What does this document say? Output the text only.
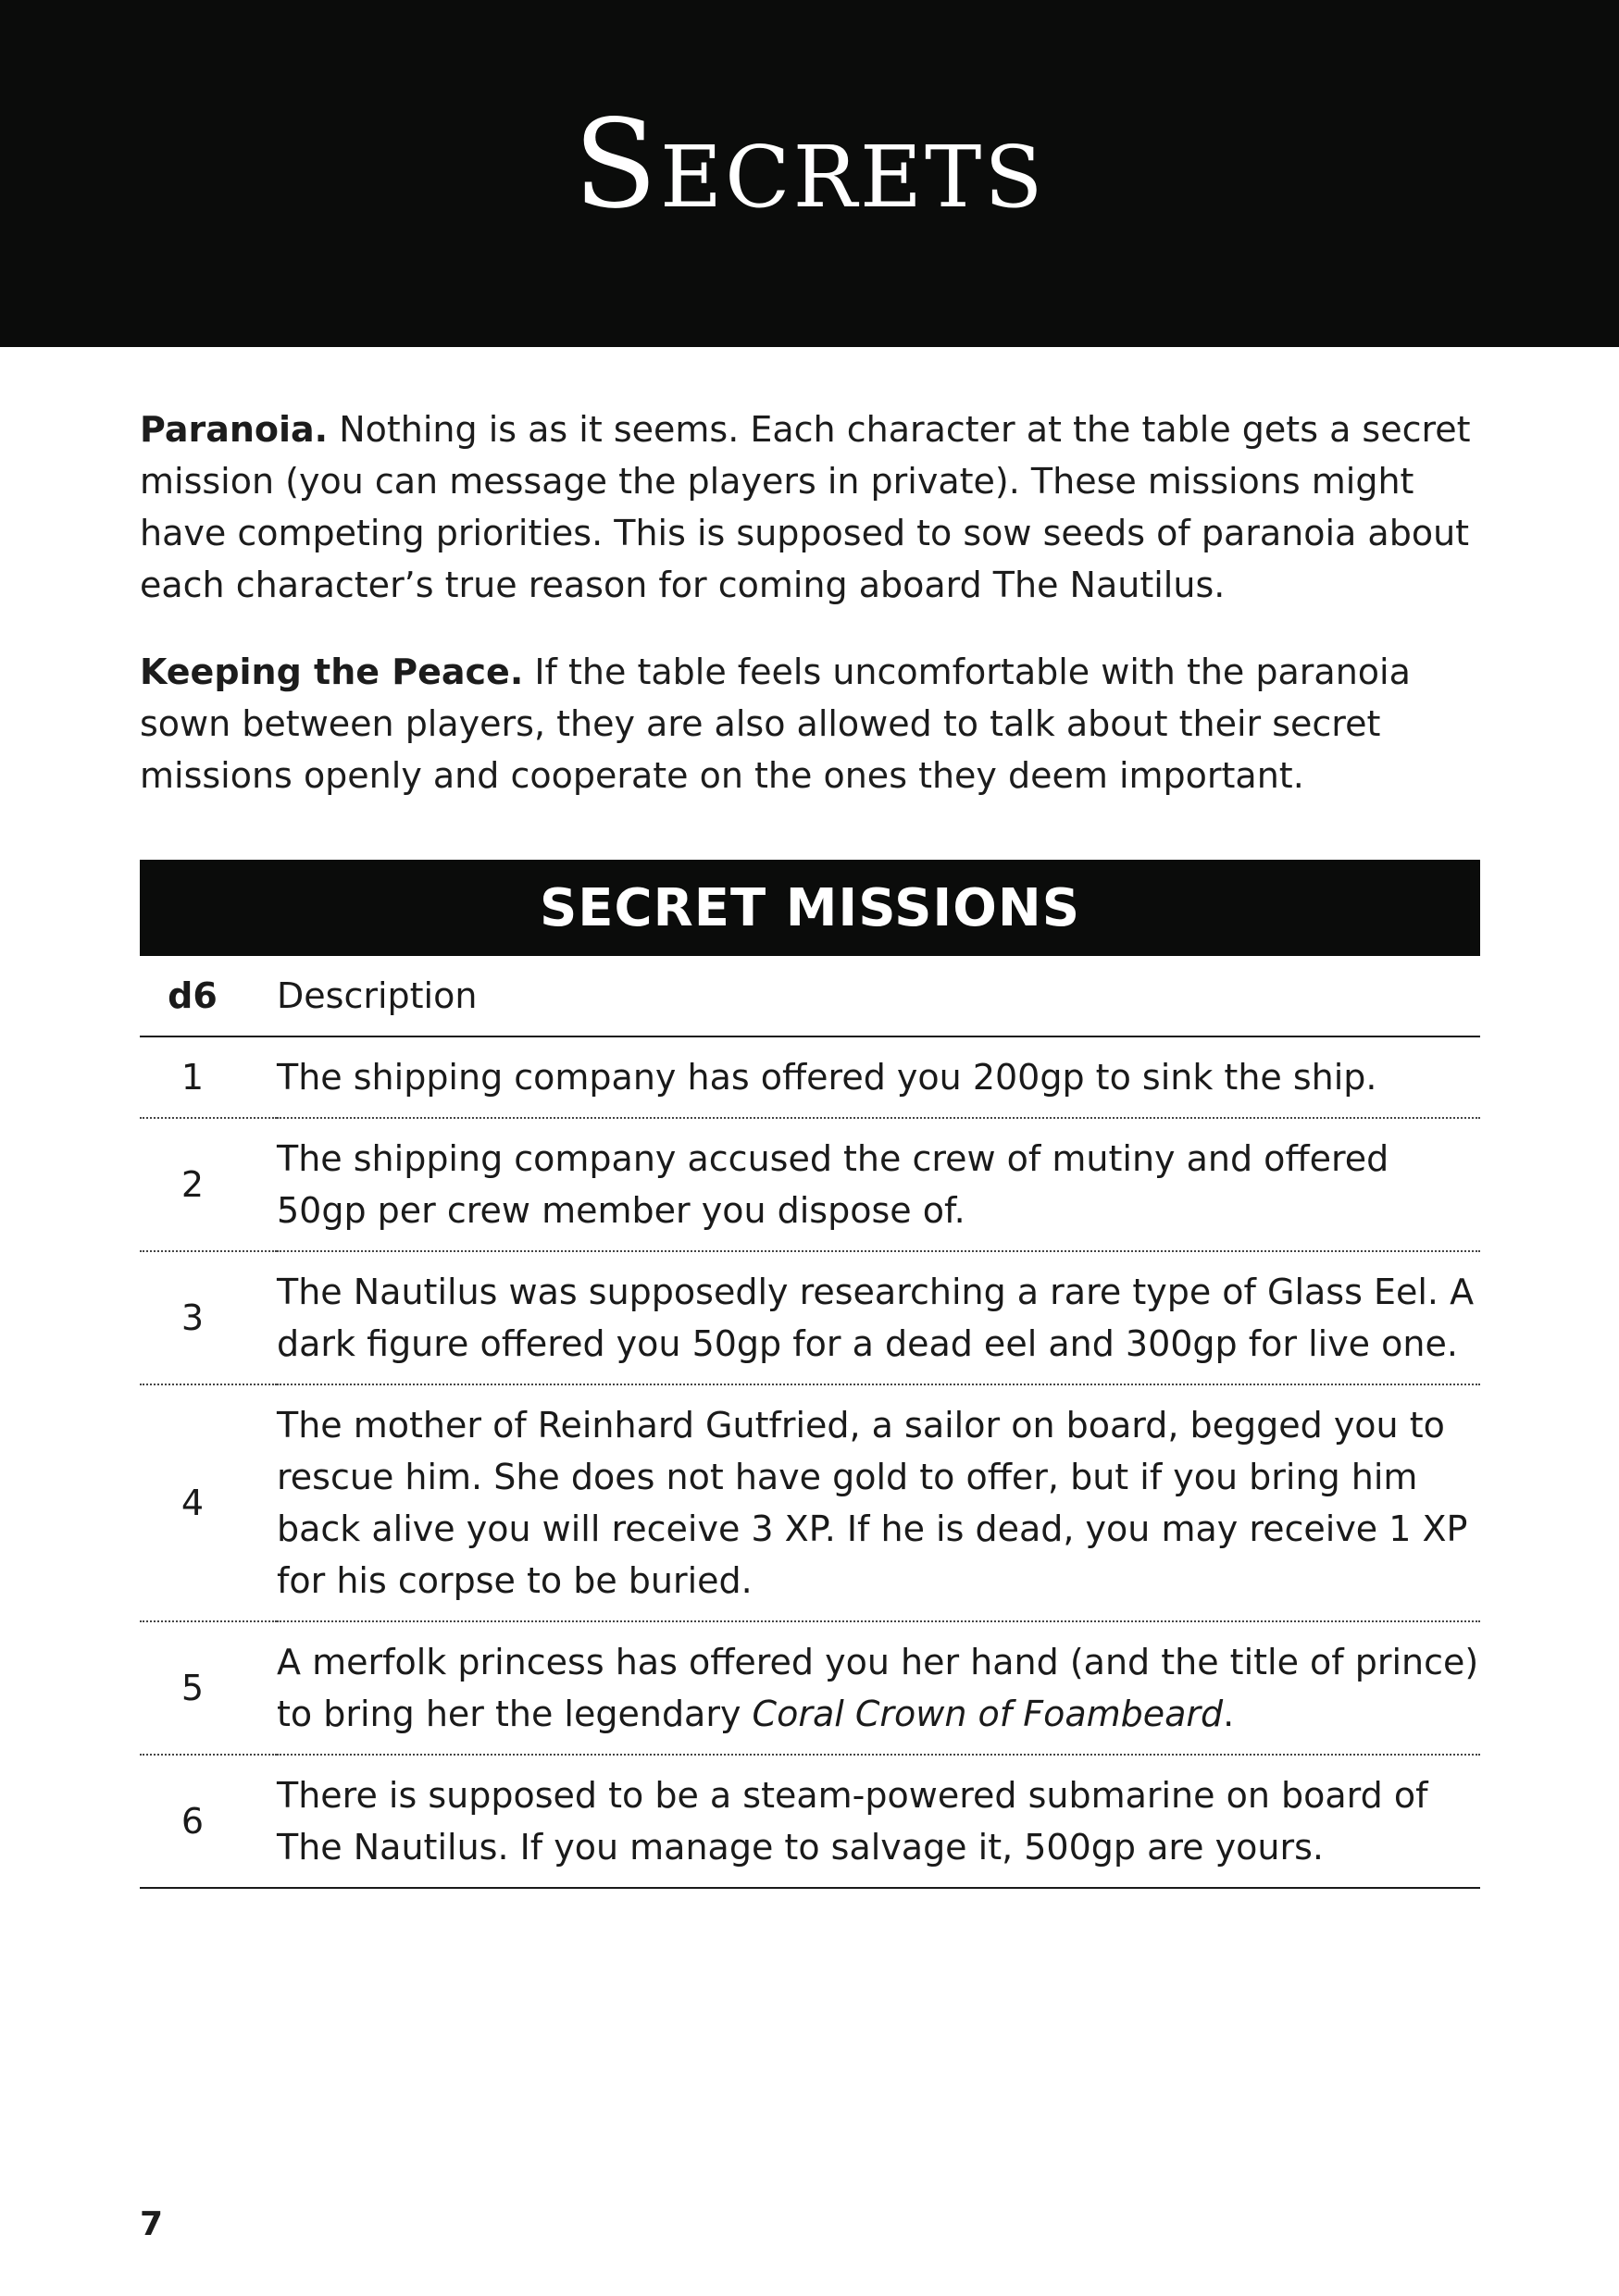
Secrets

Paranoia. Nothing is as it seems. Each character at the table gets a secret mission (you can message the players in private). These missions might have competing priorities. This is supposed to sow seeds of paranoia about each character’s true reason for coming aboard The Nautilus.

Keeping the Peace. If the table feels uncomfortable with the paranoia sown between players, they are also allowed to talk about their secret missions openly and cooperate on the ones they deem important.

SECRET MISSIONS
d6	Description
1	The shipping company has offered you 200gp to sink the ship.
2	The shipping company accused the crew of mutiny and offered 50gp per crew member you dispose of.
3	The Nautilus was supposedly researching a rare type of Glass Eel. A dark figure offered you 50gp for a dead eel and 300gp for live one.
4	The mother of Reinhard Gutfried, a sailor on board, begged you to rescue him. She does not have gold to offer, but if you bring him back alive you will receive 3 XP. If he is dead, you may receive 1 XP for his corpse to be buried.
5	A merfolk princess has offered you her hand (and the title of prince) to bring her the legendary Coral Crown of Foambeard.
6	There is supposed to be a steam-powered submarine on board of The Nautilus. If you manage to salvage it, 500gp are yours.
7
